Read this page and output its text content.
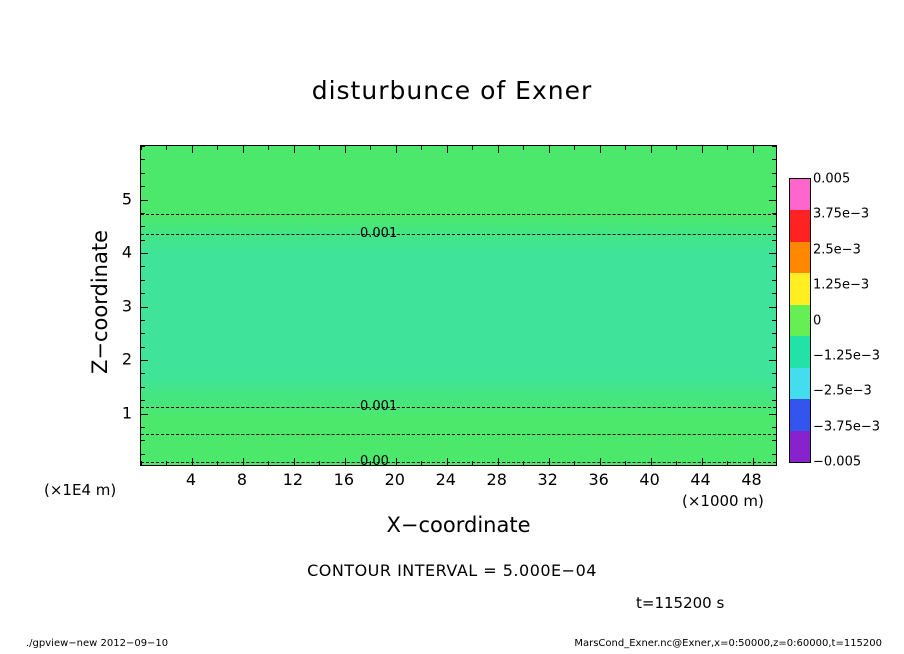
disturbunce of Exner
0.001
0.001
0.00
X−coordinate
Z−coordinate
(×1000 m)
(×1E4 m)
CONTOUR INTERVAL = 5.000E−04
t=115200 s
./gpview−new 2012−09−10	MarsCond_Exner.nc@Exner,x=0:50000,z=0:60000,t=115200
4	8 12 16 20 24 28 32 36 40 44 48
1
2
3
4
5
0.005
3.75e−3
2.5e−3
1.25e−3
0
−1.25e−3
−2.5e−3
−3.75e−3
−0.005
